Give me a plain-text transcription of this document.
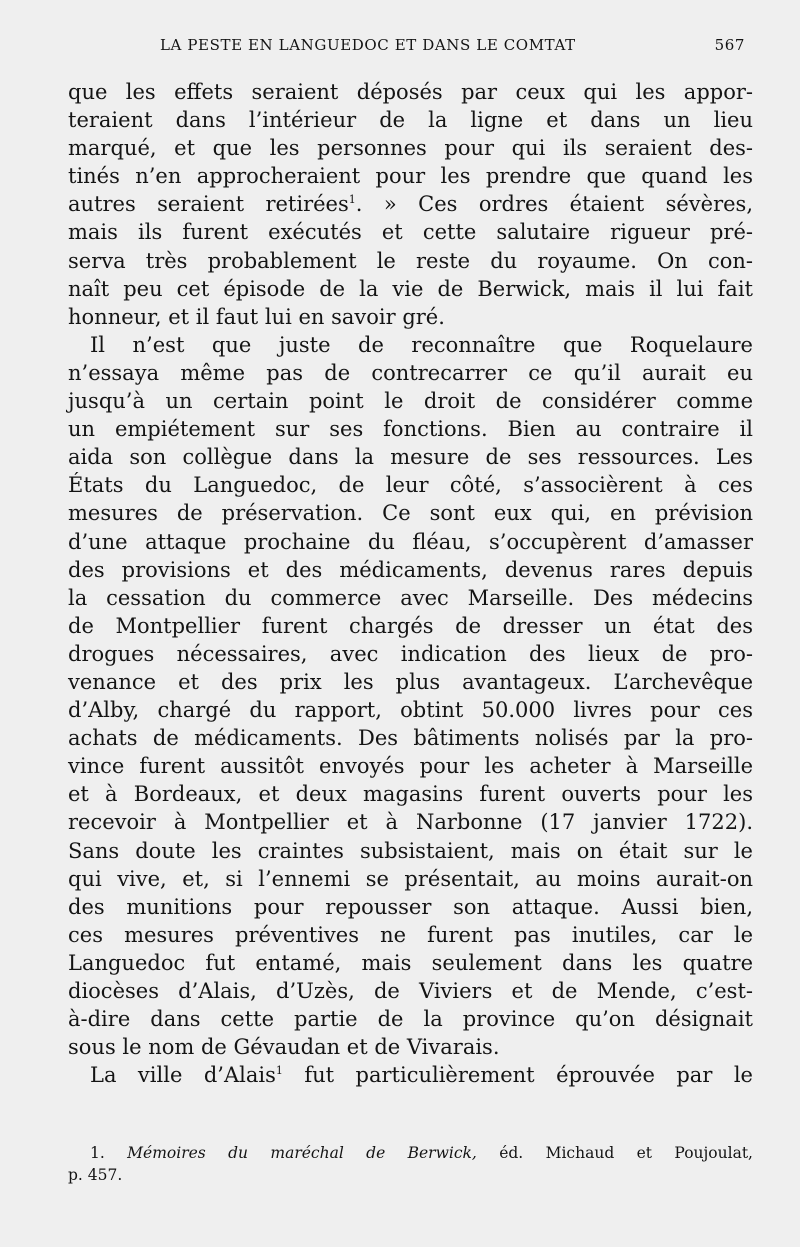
LA PESTE EN LANGUEDOC ET DANS LE COMTAT	567
que les effets seraient déposés par ceux qui les appor-
teraient dans l’intérieur de la ligne et dans un lieu
marqué, et que les personnes pour qui ils seraient des-
tinés n’en approcheraient pour les prendre que quand les
autres seraient retirées$^1$. » Ces ordres étaient sévères,
mais ils furent exécutés et cette salutaire rigueur pré-
serva très probablement le reste du royaume. On con-
naît peu cet épisode de la vie de Berwick, mais il lui fait
honneur, et il faut lui en savoir gré.
Il n’est que juste de reconnaître que Roquelaure
n’essaya même pas de contrecarrer ce qu’il aurait eu
jusqu’à un certain point le droit de considérer comme
un empiétement sur ses fonctions. Bien au contraire il
aida son collègue dans la mesure de ses ressources. Les
États du Languedoc, de leur côté, s’associèrent à ces
mesures de préservation. Ce sont eux qui, en prévision
d’une attaque prochaine du fléau, s’occupèrent d’amasser
des provisions et des médicaments, devenus rares depuis
la cessation du commerce avec Marseille. Des médecins
de Montpellier furent chargés de dresser un état des
drogues nécessaires, avec indication des lieux de pro-
venance et des prix les plus avantageux. L’archevêque
d’Alby, chargé du rapport, obtint 50.000 livres pour ces
achats de médicaments. Des bâtiments nolisés par la pro-
vince furent aussitôt envoyés pour les acheter à Marseille
et à Bordeaux, et deux magasins furent ouverts pour les
recevoir à Montpellier et à Narbonne (17 janvier 1722).
Sans doute les craintes subsistaient, mais on était sur le
qui vive, et, si l’ennemi se présentait, au moins aurait-on
des munitions pour repousser son attaque. Aussi bien,
ces mesures préventives ne furent pas inutiles, car le
Languedoc fut entamé, mais seulement dans les quatre
diocèses d’Alais, d’Uzès, de Viviers et de Mende, c’est-
à-dire dans cette partie de la province qu’on désignait
sous le nom de Gévaudan et de Vivarais.
La ville d’Alais$^1$ fut particulièrement éprouvée par le
1. Mémoires du maréchal de Berwick, éd. Michaud et Poujoulat,
p. 457.
